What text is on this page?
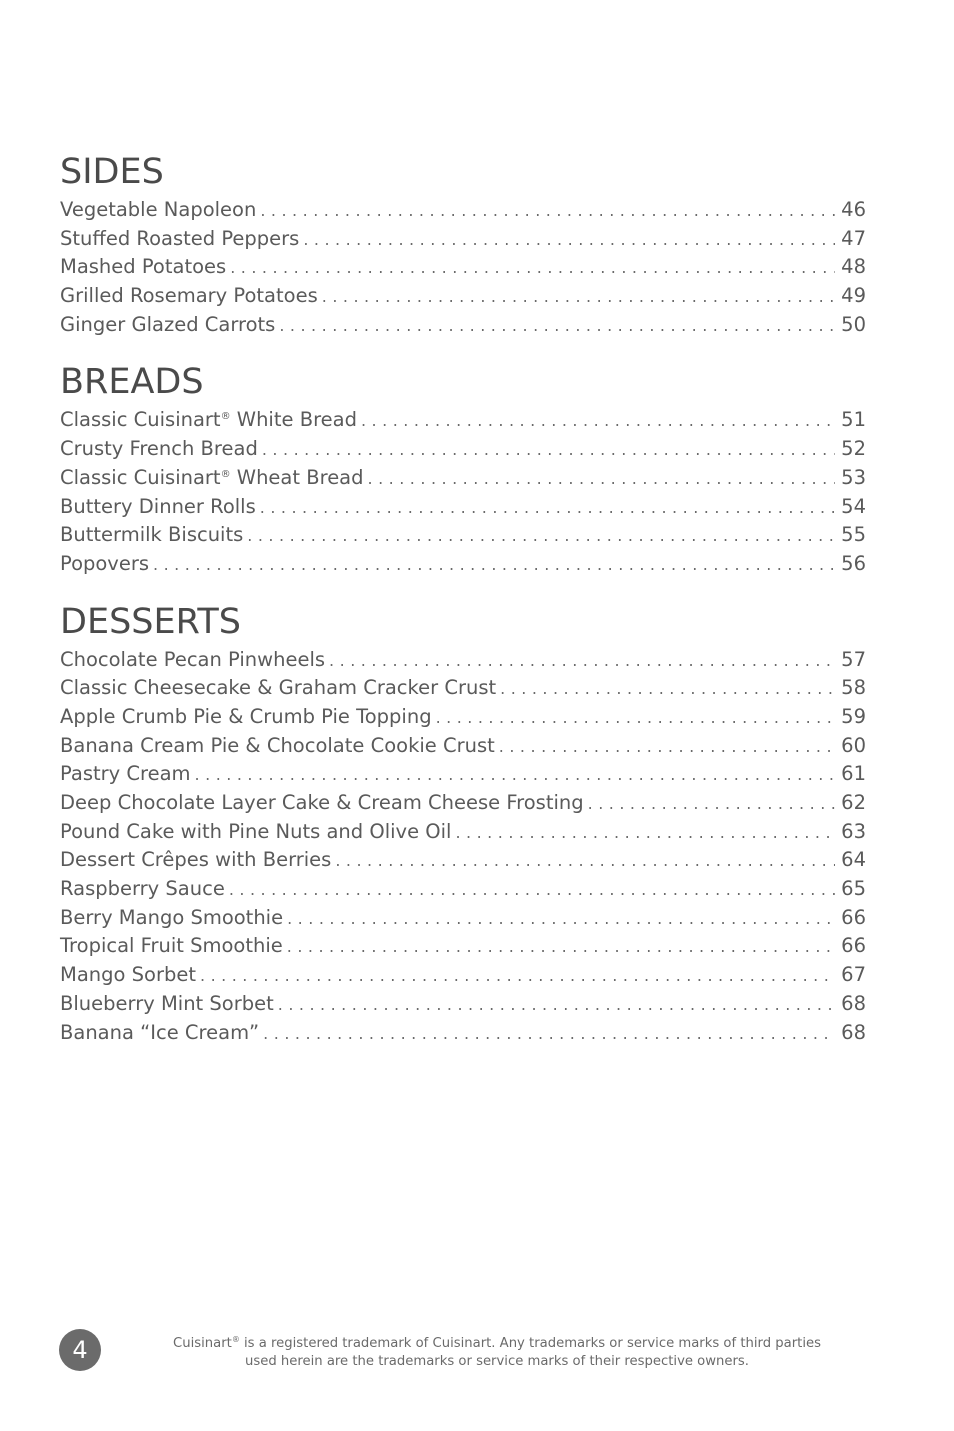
SIDES
Vegetable Napoleon . . .	46
Stuffed Roasted Peppers . . .	47
Mashed Potatoes . . .	48
Grilled Rosemary Potatoes . . .	49
Ginger Glazed Carrots . . .	50
BREADS
Classic Cuisinart® White Bread . . .	51
Crusty French Bread . . .	52
Classic Cuisinart® Wheat Bread . . .	53
Buttery Dinner Rolls . . .	54
Buttermilk Biscuits . . .	55
Popovers . . .	56
DESSERTS
Chocolate Pecan Pinwheels . . .	57
Classic Cheesecake & Graham Cracker Crust . . .	58
Apple Crumb Pie & Crumb Pie Topping . . .	59
Banana Cream Pie & Chocolate Cookie Crust . . .	60
Pastry Cream . . .	61
Deep Chocolate Layer Cake & Cream Cheese Frosting . . .	62
Pound Cake with Pine Nuts and Olive Oil . . .	63
Dessert Crêpes with Berries . . .	64
Raspberry Sauce . . .	65
Berry Mango Smoothie . . .	66
Tropical Fruit Smoothie . . .	66
Mango Sorbet . . .	67
Blueberry Mint Sorbet . . .	68
Banana “Ice Cream” . . .	68
4	Cuisinart® is a registered trademark of Cuisinart. Any trademarks or service marks of third parties
used herein are the trademarks or service marks of their respective owners.
